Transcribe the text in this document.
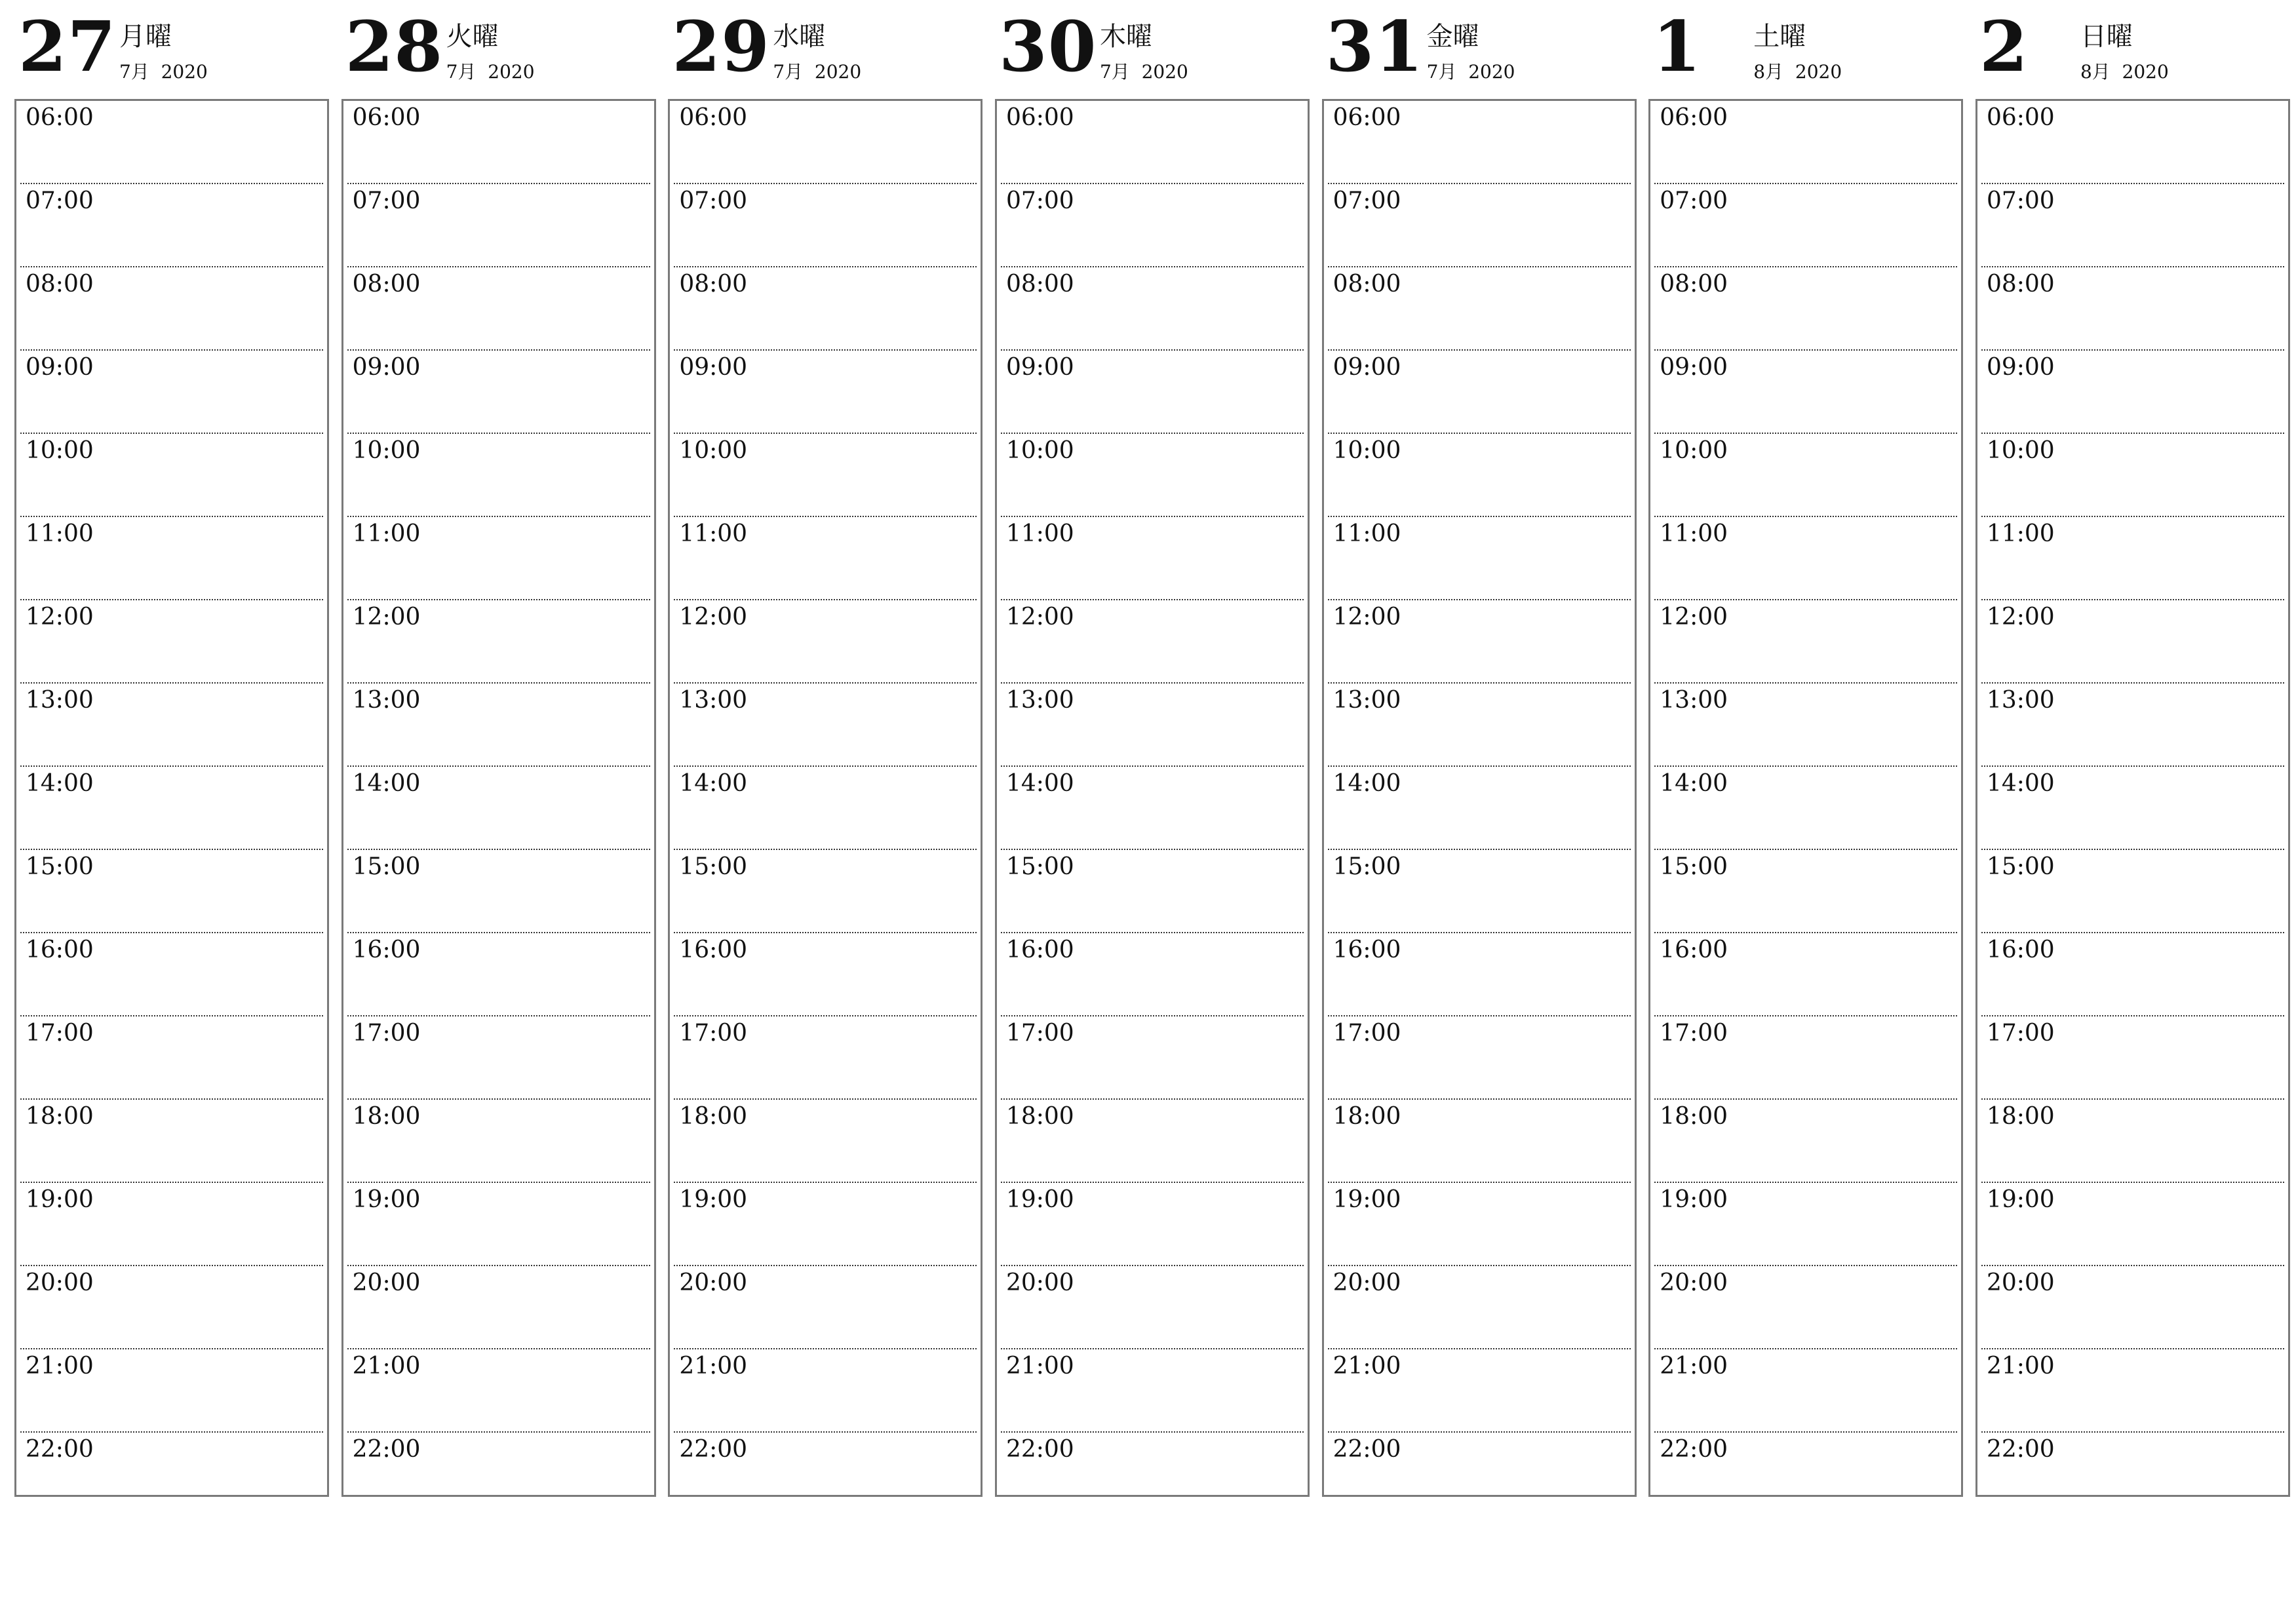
27 月曜
7月  2020
06:00
07:00
08:00
09:00
10:00
11:00
12:00
13:00
14:00
15:00
16:00
17:00
18:00
19:00
20:00
21:00
22:00
28 火曜
7月  2020
06:00
07:00
08:00
09:00
10:00
11:00
12:00
13:00
14:00
15:00
16:00
17:00
18:00
19:00
20:00
21:00
22:00
29 水曜
7月  2020
06:00
07:00
08:00
09:00
10:00
11:00
12:00
13:00
14:00
15:00
16:00
17:00
18:00
19:00
20:00
21:00
22:00
30 木曜
7月  2020
06:00
07:00
08:00
09:00
10:00
11:00
12:00
13:00
14:00
15:00
16:00
17:00
18:00
19:00
20:00
21:00
22:00
31 金曜
7月  2020
06:00
07:00
08:00
09:00
10:00
11:00
12:00
13:00
14:00
15:00
16:00
17:00
18:00
19:00
20:00
21:00
22:00
1 土曜
8月  2020
06:00
07:00
08:00
09:00
10:00
11:00
12:00
13:00
14:00
15:00
16:00
17:00
18:00
19:00
20:00
21:00
22:00
2 日曜
8月  2020
06:00
07:00
08:00
09:00
10:00
11:00
12:00
13:00
14:00
15:00
16:00
17:00
18:00
19:00
20:00
21:00
22:00
